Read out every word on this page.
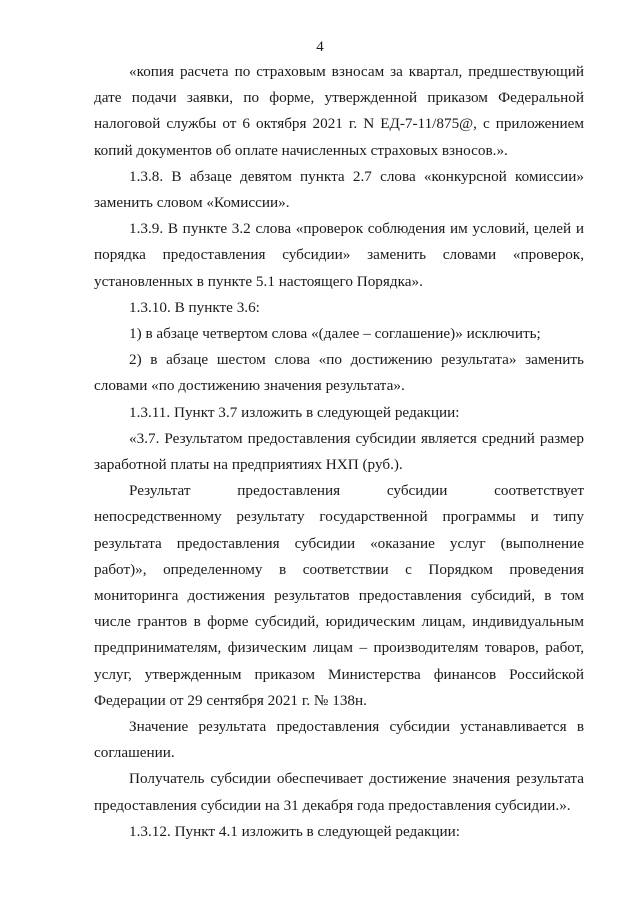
4

«копия расчета по страховым взносам за квартал, предшествующий дате подачи заявки, по форме, утвержденной приказом Федеральной налоговой службы от 6 октября 2021 г. N ЕД-7-11/875@, с приложением копий документов об оплате начисленных страховых взносов.».

1.3.8. В абзаце девятом пункта 2.7 слова «конкурсной комиссии» заменить словом «Комиссии».

1.3.9. В пункте 3.2 слова «проверок соблюдения им условий, целей и порядка предоставления субсидии» заменить словами «проверок, установленных в пункте 5.1 настоящего Порядка».

1.3.10. В пункте 3.6:

1) в абзаце четвертом слова «(далее – соглашение)» исключить;

2) в абзаце шестом слова «по достижению результата» заменить словами «по достижению значения результата».

1.3.11. Пункт 3.7 изложить в следующей редакции:

«3.7. Результатом предоставления субсидии является средний размер заработной платы на предприятиях НХП (руб.).

Результат предоставления субсидии соответствует непосредственному результату государственной программы и типу результата предоставления субсидии «оказание услуг (выполнение работ)», определенному в соответствии с Порядком проведения мониторинга достижения результатов предоставления субсидий, в том числе грантов в форме субсидий, юридическим лицам, индивидуальным предпринимателям, физическим лицам – производителям товаров, работ, услуг, утвержденным приказом Министерства финансов Российской Федерации от 29 сентября 2021 г. № 138н.

Значение результата предоставления субсидии устанавливается в соглашении.

Получатель субсидии обеспечивает достижение значения результата предоставления субсидии на 31 декабря года предоставления субсидии.».

1.3.12. Пункт 4.1 изложить в следующей редакции:
